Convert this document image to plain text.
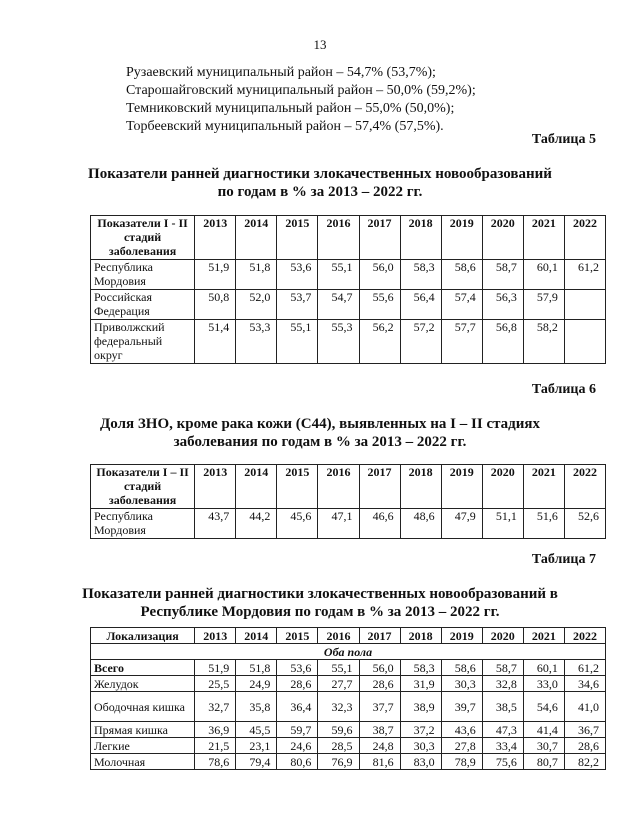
13
Рузаевский муниципальный район – 54,7% (53,7%);
Старошайговский муниципальный район – 50,0% (59,2%);
Темниковский муниципальный район – 55,0% (50,0%);
Торбеевский муниципальный район – 57,4% (57,5%).
Таблица 5
Показатели ранней диагностики злокачественных новообразований
по годам в % за 2013 – 2022 гг.
Показатели I - II стадий заболевания	2013	2014	2015	2016	2017	2018	2019	2020	2021	2022
Республика Мордовия	51,9	51,8	53,6	55,1	56,0	58,3	58,6	58,7	60,1	61,2
Российская Федерация	50,8	52,0	53,7	54,7	55,6	56,4	57,4	56,3	57,9	
Приволжский федеральный округ	51,4	53,3	55,1	55,3	56,2	57,2	57,7	56,8	58,2	
Таблица 6
Доля ЗНО, кроме рака кожи (С44), выявленных на I – II стадиях
заболевания по годам в % за 2013 – 2022 гг.
Показатели I – II стадий заболевания	2013	2014	2015	2016	2017	2018	2019	2020	2021	2022
Республика Мордовия	43,7	44,2	45,6	47,1	46,6	48,6	47,9	51,1	51,6	52,6
Таблица 7
Показатели ранней диагностики злокачественных новообразований в
Республике Мордовия по годам в % за 2013 – 2022 гг.
Локализация	2013	2014	2015	2016	2017	2018	2019	2020	2021	2022
Оба пола										
Всего	51,9	51,8	53,6	55,1	56,0	58,3	58,6	58,7	60,1	61,2
Желудок	25,5	24,9	28,6	27,7	28,6	31,9	30,3	32,8	33,0	34,6
Ободочная кишка	32,7	35,8	36,4	32,3	37,7	38,9	39,7	38,5	54,6	41,0
Прямая кишка	36,9	45,5	59,7	59,6	38,7	37,2	43,6	47,3	41,4	36,7
Легкие	21,5	23,1	24,6	28,5	24,8	30,3	27,8	33,4	30,7	28,6
Молочная	78,6	79,4	80,6	76,9	81,6	83,0	78,9	75,6	80,7	82,2
